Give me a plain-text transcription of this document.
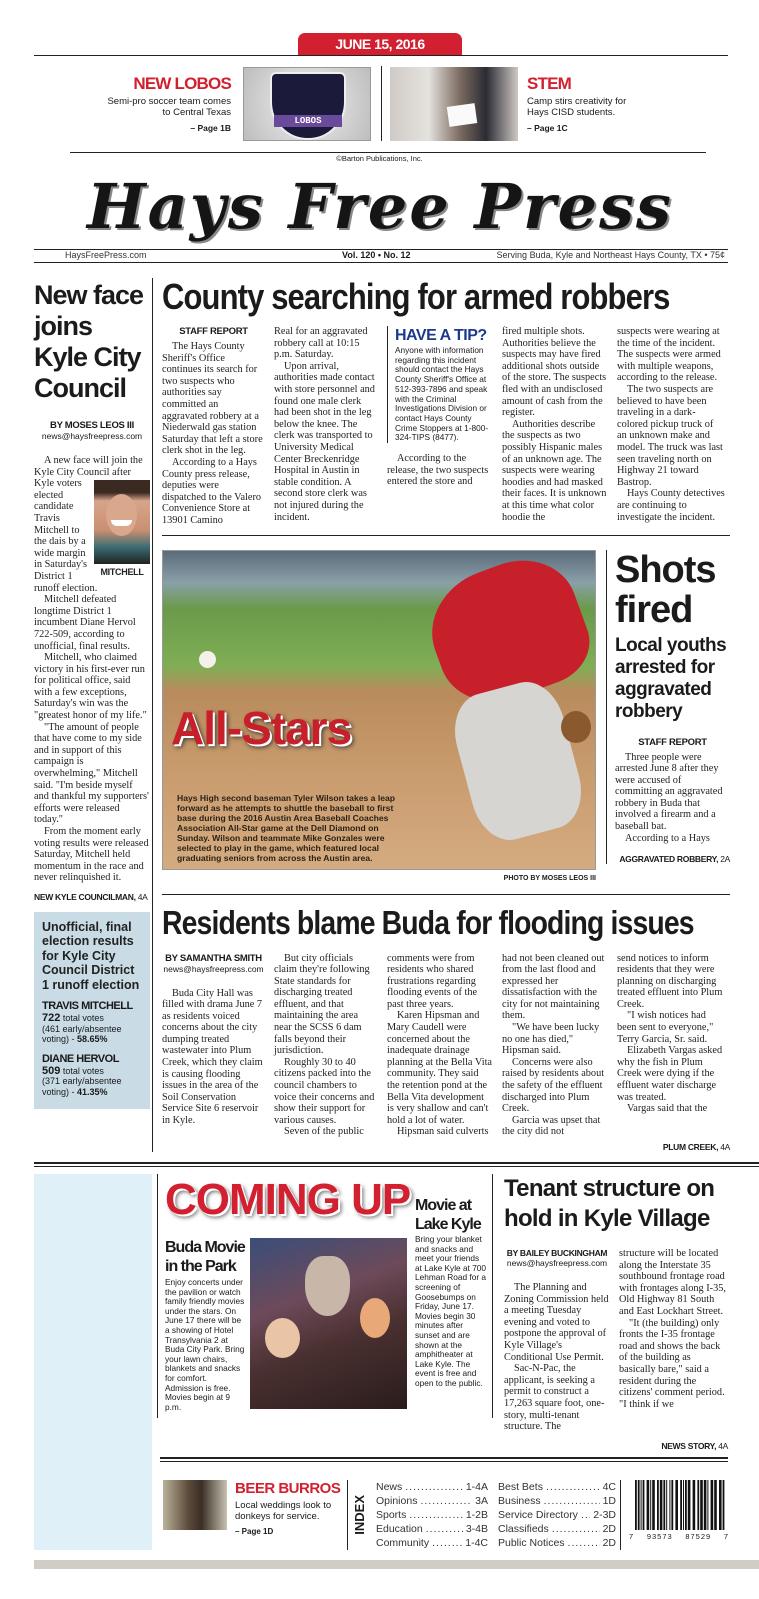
JUNE 15, 2016
NEW LOBOS
Semi-pro soccer team comes to Central Texas
– Page 1B
LOBOS
STEM
Camp stirs creativity for Hays CISD students.
– Page 1C
©Barton Publications, Inc.
Hays Free Press
HaysFreePress.com	Vol. 120 • No. 12	Serving Buda, Kyle and Northeast Hays County, TX • 75¢
New face joins Kyle City Council
BY MOSES LEOS III
news@haysfreepress.com

A new face will join the Kyle City Council after
MITCHELL
Kyle voters elected candidate Travis Mitchell to the dais by a wide margin in Saturday's District 1 runoff election.

Mitchell defeated longtime District 1 incumbent Diane Hervol 722-509, according to unofficial, final results.

Mitchell, who claimed victory in his first-ever run for political office, said with a few exceptions, Saturday's win was the "greatest honor of my life."

"The amount of people that have come to my side and in support of this campaign is overwhelming," Mitchell said. "I'm beside myself and thankful my supporters' efforts were released today."

From the moment early voting results were released Saturday, Mitchell held momentum in the race and never relinquished it.

NEW KYLE COUNCILMAN, 4A
Unofficial, final election results for Kyle City Council District 1 runoff election
TRAVIS MITCHELL
722 total votes
(461 early/absentee voting) - 58.65%
DIANE HERVOL
509 total votes
(371 early/absentee voting) - 41.35%
County searching for armed robbers
STAFF REPORT

The Hays County Sheriff's Office continues its search for two suspects who authorities say committed an aggravated robbery at a Niederwald gas station Saturday that left a store clerk shot in the leg.

According to a Hays County press release, deputies were dispatched to the Valero Convenience Store at 13901 Camino

Real for an aggravated robbery call at 10:15 p.m. Saturday.

Upon arrival, authorities made contact with store personnel and found one male clerk had been shot in the leg below the knee. The clerk was transported to University Medical Center Breckenridge Hospital in Austin in stable condition. A second store clerk was not injured during the incident.

HAVE A TIP?
Anyone with information regarding this incident should contact the Hays County Sheriff's Office at 512-393-7896 and speak with the Criminal Investigations Division or contact Hays County Crime Stoppers at 1-800-324-TIPS (8477).

According to the release, the two suspects entered the store and

fired multiple shots. Authorities believe the suspects may have fired additional shots outside of the store. The suspects fled with an undisclosed amount of cash from the register.

Authorities describe the suspects as two possibly Hispanic males of an unknown age. The suspects were wearing hoodies and had masked their faces. It is unknown at this time what color hoodie the

suspects were wearing at the time of the incident. The suspects were armed with multiple weapons, according to the release.

The two suspects are believed to have been traveling in a dark-colored pickup truck of an unknown make and model. The truck was last seen traveling north on Highway 21 toward Bastrop.

Hays County detectives are continuing to investigate the incident.

All-Stars
Hays High second baseman Tyler Wilson takes a leap forward as he attempts to shuttle the baseball to first base during the 2016 Austin Area Baseball Coaches Association All-Star game at the Dell Diamond on Sunday. Wilson and teammate Mike Gonzales were selected to play in the game, which featured local graduating seniors from across the Austin area.
PHOTO BY MOSES LEOS III
Shots fired
Local youths arrested for aggravated robbery
STAFF REPORT

Three people were arrested June 8 after they were accused of committing an aggravated robbery in Buda that involved a firearm and a baseball bat.

According to a Hays

AGGRAVATED ROBBERY, 2A
Residents blame Buda for flooding issues
BY SAMANTHA SMITH
news@haysfreepress.com

Buda City Hall was filled with drama June 7 as residents voiced concerns about the city dumping treated wastewater into Plum Creek, which they claim is causing flooding issues in the area of the Soil Conservation Service Site 6 reservoir in Kyle.

But city officials claim they're following State standards for discharging treated effluent, and that maintaining the area near the SCSS 6 dam falls beyond their jurisdiction.

Roughly 30 to 40 citizens packed into the council chambers to voice their concerns and show their support for various causes.

Seven of the public

comments were from residents who shared frustrations regarding flooding events of the past three years.

Karen Hipsman and Mary Caudell were concerned about the inadequate drainage planning at the Bella Vita community. They said the retention pond at the Bella Vita development is very shallow and can't hold a lot of water.

Hipsman said culverts

had not been cleaned out from the last flood and expressed her dissatisfaction with the city for not maintaining them.

"We have been lucky no one has died," Hipsman said.

Concerns were also raised by residents about the safety of the effluent discharged into Plum Creek.

Garcia was upset that the city did not

send notices to inform residents that they were planning on discharging treated effluent into Plum Creek.

"I wish notices had been sent to everyone," Terry Garcia, Sr. said.

Elizabeth Vargas asked why the fish in Plum Creek were dying if the effluent water discharge was treated.

Vargas said that the

PLUM CREEK, 4A
COMING UP
Buda Movie in the Park
Enjoy concerts under the pavilion or watch family friendly movies under the stars. On June 17 there will be a showing of Hotel Transylvania 2 at Buda City Park. Bring your lawn chairs, blankets and snacks for comfort. Admission is free. Movies begin at 9 p.m.
Movie at Lake Kyle
Bring your blanket and snacks and meet your friends at Lake Kyle at 700 Lehman Road for a screening of Goosebumps on Friday, June 17. Movies begin 30 minutes after sunset and are shown at the amphitheater at Lake Kyle. The event is free and open to the public.
Tenant structure on hold in Kyle Village
BY BAILEY BUCKINGHAM
news@haysfreepress.com

The Planning and Zoning Commission held a meeting Tuesday evening and voted to postpone the approval of Kyle Village's Conditional Use Permit.

Sac-N-Pac, the applicant, is seeking a permit to construct a 17,263 square foot, one-story, multi-tenant structure. The

structure will be located along the Interstate 35 southbound frontage road with frontages along I-35, Old Highway 81 South and East Lockhart Street.

"It (the building) only fronts the I-35 frontage road and shows the back of the building as basically bare," said a resident during the citizens' comment period. "I think if we

NEWS STORY, 4A
BEER BURROS
Local weddings look to donkeys for service.
– Page 1D	INDEX
News .....	1-4A
Opinions .....	3A
Sports .....	1-2B
Education .....	3-4B
Community .....	1-4C
Best Bets .....	4C
Business .....	1D
Service Directory ..... 2-3D
Classifieds .....	2D
Public Notices .....	2D
7 93573 87529 7
